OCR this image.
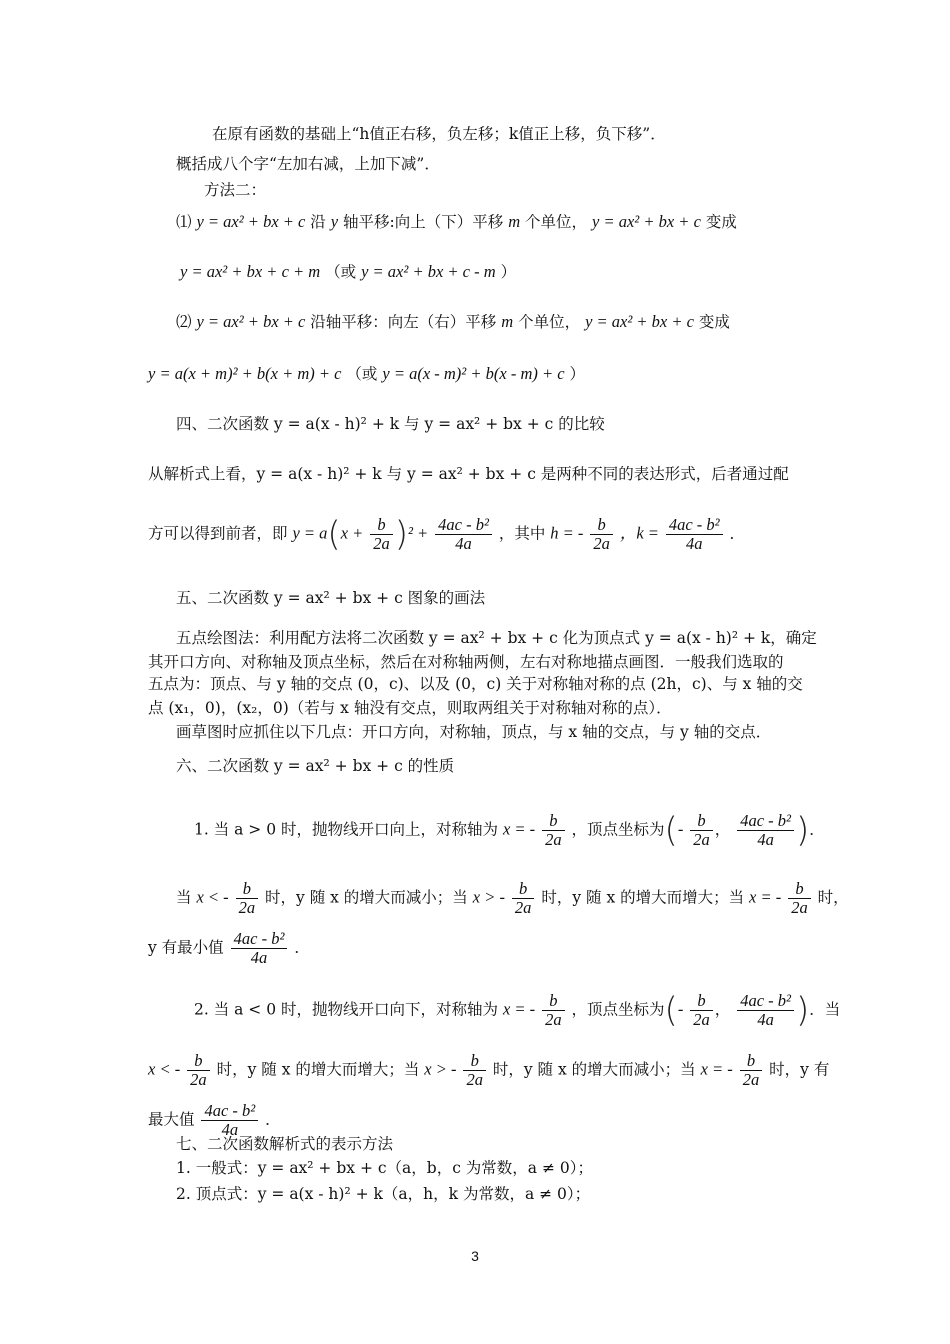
在原有函数的基础上“h值正右移，负左移；k值正上移，负下移”．
概括成八个字“左加右减，上加下减”．
方法二：
⑴ y = ax² + bx + c 沿 y 轴平移:向上（下）平移 m 个单位， y = ax² + bx + c 变成
y = ax² + bx + c + m （或 y = ax² + bx + c - m ）
⑵ y = ax² + bx + c 沿轴平移：向左（右）平移 m 个单位， y = ax² + bx + c 变成
y = a(x + m)² + b(x + m) + c （或 y = a(x - m)² + b(x - m) + c ）
四、二次函数 y = a(x - h)² + k 与 y = ax² + bx + c 的比较
从解析式上看，y = a(x - h)² + k 与 y = ax² + bx + c 是两种不同的表达形式，后者通过配
方可以得到前者，即 $y = a(x + \frac{b}{2a} )^2 + \frac{\text{4ac - b²}}{4a}$ ，其中 h = - $\frac{b}{2a}$ ，$k = \frac{\text{4ac - b²}}{4a}$ ．
五、二次函数 y = ax² + bx + c 图象的画法
五点绘图法：利用配方法将二次函数 y = ax² + bx + c 化为顶点式 y = a(x - h)² + k，确定
其开口方向、对称轴及顶点坐标，然后在对称轴两侧，左右对称地描点画图．一般我们选取的
五点为：顶点、与 y 轴的交点 (0，c)、以及 (0，c) 关于对称轴对称的点 (2h，c)、与 x 轴的交
点 (x₁，0)，(x₂，0)（若与 x 轴没有交点，则取两组关于对称轴对称的点）．
画草图时应抓住以下几点：开口方向，对称轴，顶点，与 x 轴的交点，与 y 轴的交点．
六、二次函数 y = ax² + bx + c 的性质
1. 当 a > 0 时，抛物线开口向上，对称轴为 x = - $\frac{b}{2a}$ ，顶点坐标为(- $\frac{b}{2a}$ ， $\frac{\text{4ac - b²}}{4a}$ )．
当 x < - $\frac{b}{2a}$ 时，y 随 x 的增大而减小；当 x > - $\frac{b}{2a}$ 时，y 随 x 的增大而增大；当 x = - $\frac{b}{2a}$ 时，
y 有最小值 $\frac{\text{4ac - b²}}{4a}$ ．
2. 当 a < 0 时，抛物线开口向下，对称轴为 x = - $\frac{b}{2a}$ ，顶点坐标为(- $\frac{b}{2a}$ ， $\frac{\text{4ac - b²}}{4a}$ )．当
x < - $\frac{b}{2a}$ 时，y 随 x 的增大而增大；当 x > - $\frac{b}{2a}$ 时，y 随 x 的增大而减小；当 x = - $\frac{b}{2a}$ 时，y 有
最大值 $\frac{\text{4ac - b²}}{4a}$ ．
七、二次函数解析式的表示方法
1. 一般式：y = ax² + bx + c（a，b，c 为常数，a ≠ 0）；
2. 顶点式：y = a(x - h)² + k（a，h，k 为常数，a ≠ 0）；
3
